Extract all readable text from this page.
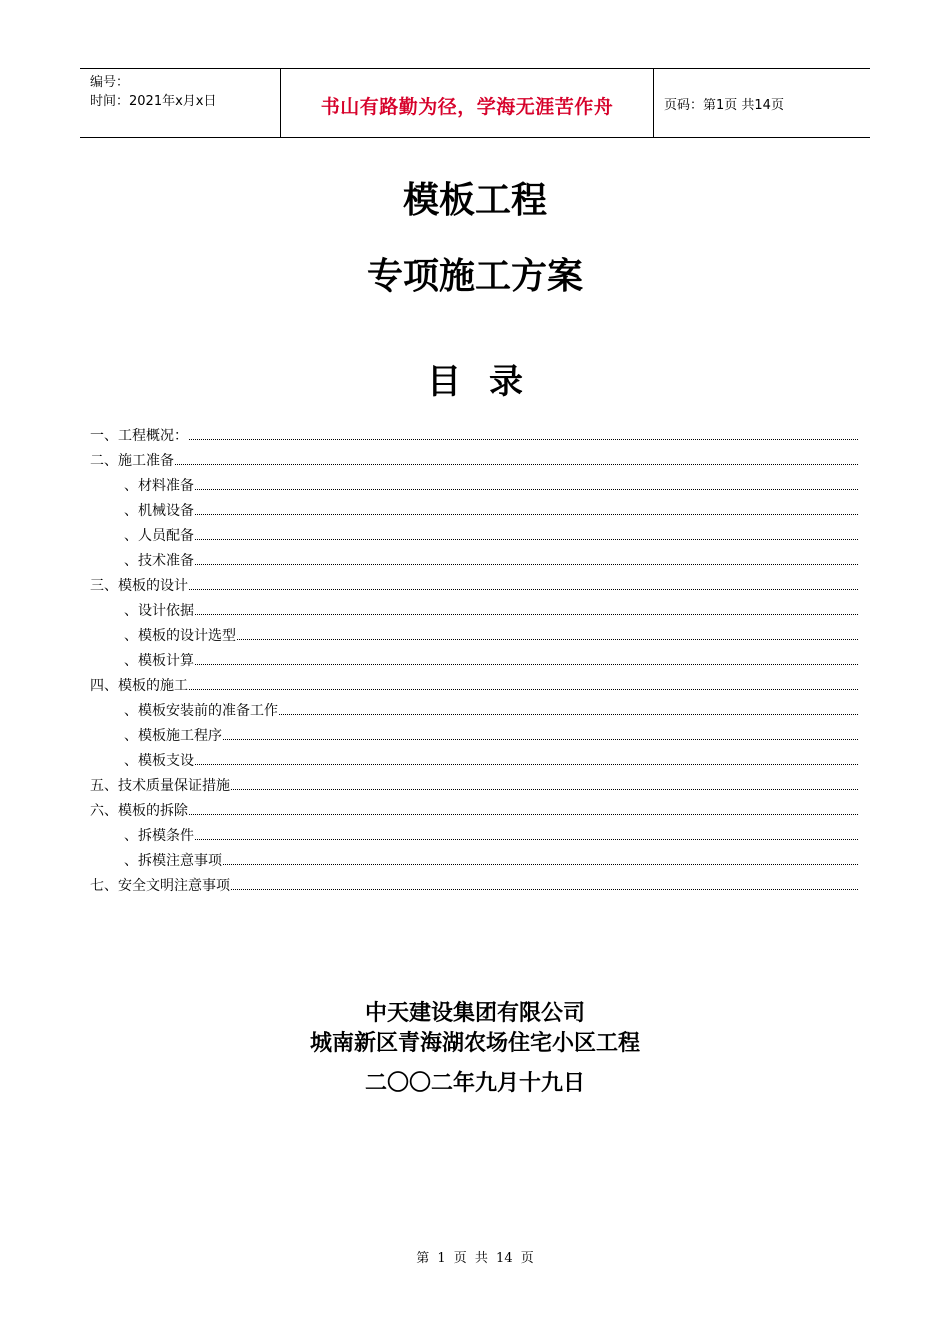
编号：
时间：2021年x月x日	书山有路勤为径，学海无涯苦作舟	页码：第1页 共14页
模板工程
专项施工方案
目录
一、工程概况：
二、施工准备
、材料准备
、机械设备
、人员配备
、技术准备
三、模板的设计
、设计依据
、模板的设计选型
、模板计算
四、模板的施工
、模板安装前的准备工作
、模板施工程序
、模板支设
五、技术质量保证措施
六、模板的拆除
、拆模条件
、拆模注意事项
七、安全文明注意事项
中天建设集团有限公司
城南新区青海湖农场住宅小区工程
二〇〇二年九月十九日
第 1 页 共 14 页
